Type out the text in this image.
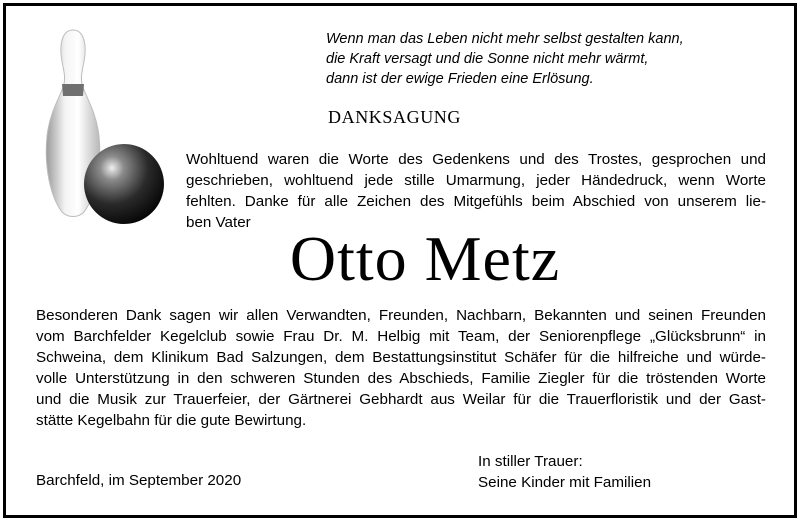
Wenn man das Leben nicht mehr selbst gestalten kann,
die Kraft versagt und die Sonne nicht mehr wärmt,
dann ist der ewige Frieden eine Erlösung.
DANKSAGUNG
Wohltuend waren die Worte des Gedenkens und des Trostes, gesprochen und
geschrieben, wohltuend jede stille Umarmung, jeder Händedruck, wenn Worte
fehlten. Danke für alle Zeichen des Mitgefühls beim Abschied von unserem lie-
ben Vater
Otto Metz
Besonderen Dank sagen wir allen Verwandten, Freunden, Nachbarn, Bekannten und seinen Freunden
vom Barchfelder Kegelclub sowie Frau Dr. M. Helbig mit Team, der Seniorenpflege „Glücksbrunn“ in
Schweina, dem Klinikum Bad Salzungen, dem Bestattungsinstitut Schäfer für die hilfreiche und würde-
volle Unterstützung in den schweren Stunden des Abschieds, Familie Ziegler für die tröstenden Worte
und die Musik zur Trauerfeier, der Gärtnerei Gebhardt aus Weilar für die Trauerfloristik und der Gast-
stätte Kegelbahn für die gute Bewirtung.
Barchfeld, im September 2020
In stiller Trauer:
Seine Kinder mit Familien
